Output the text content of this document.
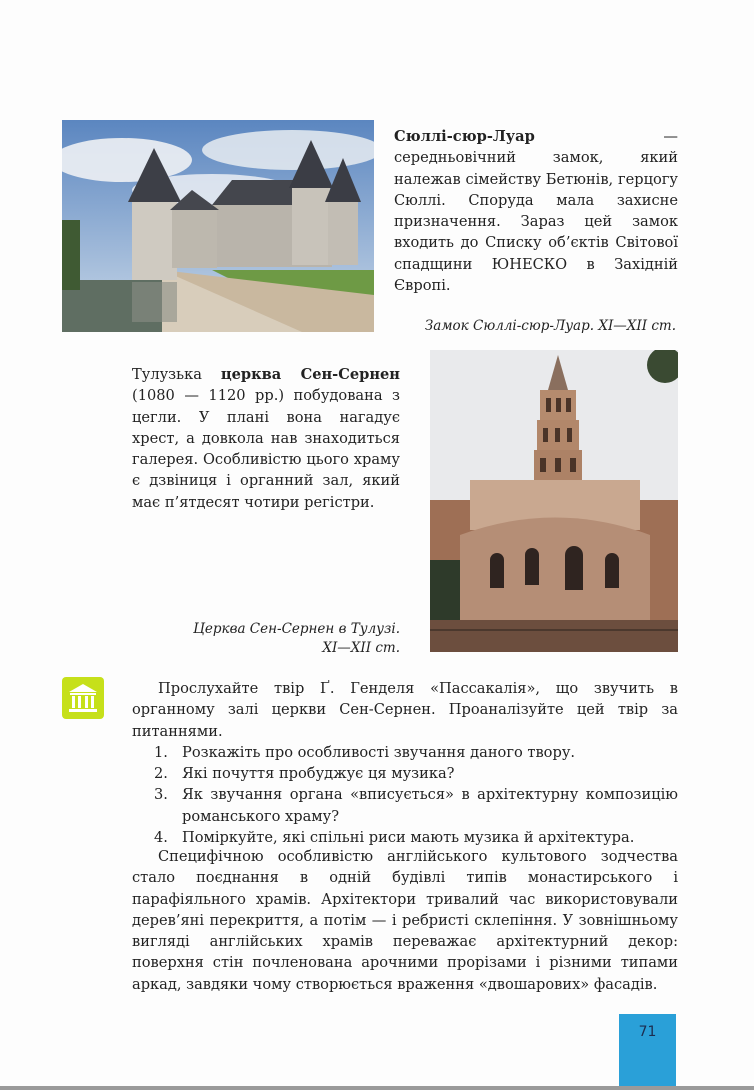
Сюллі-сюр-Луар — середньовічний замок, який належав сімейству Бетюнів, герцогу Сюллі. Споруда мала захисне призначення. Зараз цей замок входить до Списку об’єктів Світової спадщини ЮНЕСКО в Західній Європі.
Замок Сюллі-сюр-Луар. XI—XII ст.
Тулузька церква Сен-Сернен (1080 — 1120 рр.) побудована з цегли. У плані вона нагадує хрест, а довкола нав знаходиться галерея. Особливістю цього храму є дзвіниця і органний зал, який має п’ятдесят чотири регістри.
Церква Сен-Сернен в Тулузі.
XI—XII ст.
Прослухайте твір Ґ. Генделя «Пассакалія», що звучить в органному залі церкви Сен-Сернен. Проаналізуйте цей твір за питаннями.
1. Розкажіть про особливості звучання даного твору.
2. Які почуття пробуджує ця музика?
3. Як звучання органа «вписується» в архітектурну композицію романського храму?
4. Поміркуйте, які спільні риси мають музика й архітектура.
Специфічною особливістю англійського культового зодчества стало поєднання в одній будівлі типів монастирського і парафіяльного храмів. Архітектори тривалий час використовували дерев’яні перекриття, а потім — і ребристі склепіння. У зовнішньому вигляді англійських храмів переважає архітектурний декор: поверхня стін почленована арочними прорізами і різними типами аркад, завдяки чому створюється враження «двошарових» фасадів.
71
